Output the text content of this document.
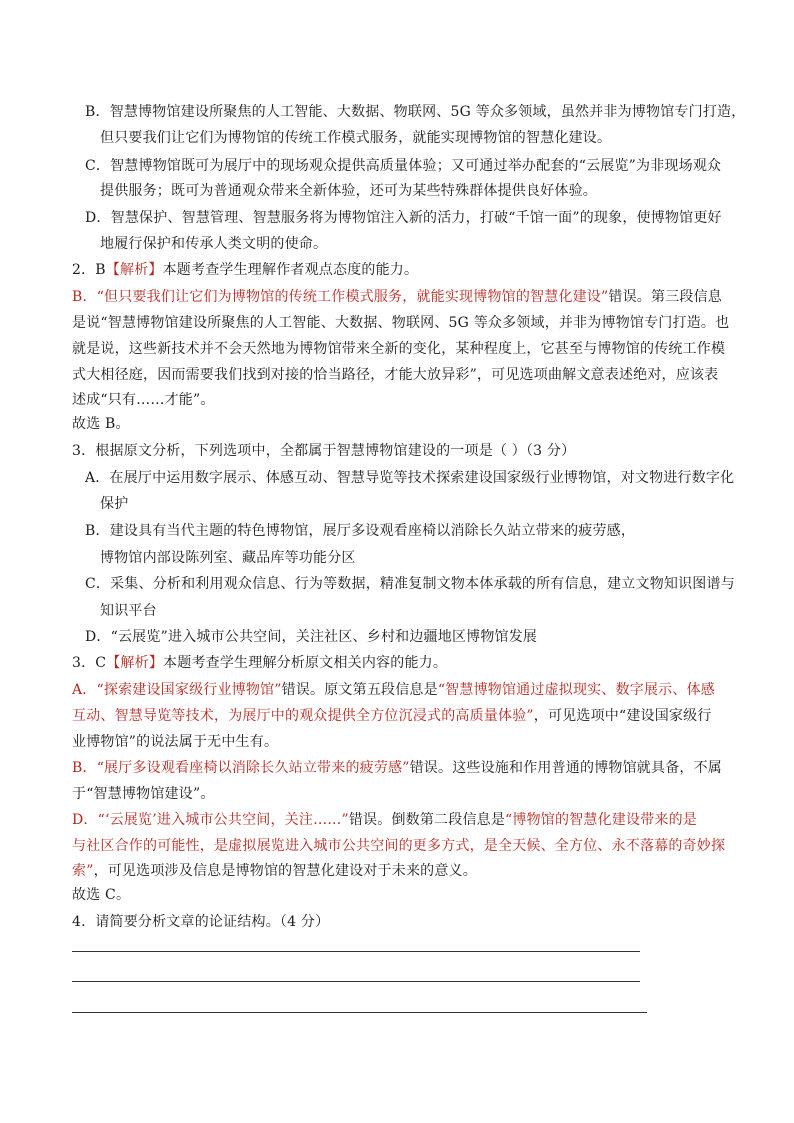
B．智慧博物馆建设所聚焦的人工智能、大数据、物联网、5G 等众多领域，虽然并非为博物馆专门打造，
但只要我们让它们为博物馆的传统工作模式服务，就能实现博物馆的智慧化建设。
C．智慧博物馆既可为展厅中的现场观众提供高质量体验；又可通过举办配套的“云展览”为非现场观众
提供服务；既可为普通观众带来全新体验，还可为某些特殊群体提供良好体验。
D．智慧保护、智慧管理、智慧服务将为博物馆注入新的活力，打破“千馆一面”的现象，使博物馆更好
地履行保护和传承人类文明的使命。
2．B【解析】本题考查学生理解作者观点态度的能力。
B．“但只要我们让它们为博物馆的传统工作模式服务，就能实现博物馆的智慧化建设”错误。第三段信息
是说“智慧博物馆建设所聚焦的人工智能、大数据、物联网、5G 等众多领域，并非为博物馆专门打造。也
就是说，这些新技术并不会天然地为博物馆带来全新的变化，某种程度上，它甚至与博物馆的传统工作模
式大相径庭，因而需要我们找到对接的恰当路径，才能大放异彩”，可见选项曲解文意表述绝对，应该表
述成“只有……才能”。
故选 B。
3．根据原文分析，下列选项中，全都属于智慧博物馆建设的一项是（ ）（3 分）
A．在展厅中运用数字展示、体感互动、智慧导览等技术探索建设国家级行业博物馆，对文物进行数字化
保护
B．建设具有当代主题的特色博物馆，展厅多设观看座椅以消除长久站立带来的疲劳感，
博物馆内部设陈列室、藏品库等功能分区
C．采集、分析和利用观众信息、行为等数据，精准复制文物本体承载的所有信息，建立文物知识图谱与
知识平台
D．“云展览”进入城市公共空间，关注社区、乡村和边疆地区博物馆发展
3．C【解析】本题考查学生理解分析原文相关内容的能力。
A．“探索建设国家级行业博物馆”错误。原文第五段信息是“智慧博物馆通过虚拟现实、数字展示、体感
互动、智慧导览等技术，为展厅中的观众提供全方位沉浸式的高质量体验”，可见选项中“建设国家级行
业博物馆”的说法属于无中生有。
B．“展厅多设观看座椅以消除长久站立带来的疲劳感”错误。这些设施和作用普通的博物馆就具备，不属
于“智慧博物馆建设”。
D．“‘云展览’进入城市公共空间，关注……”错误。倒数第二段信息是“博物馆的智慧化建设带来的是
与社区合作的可能性，是虚拟展览进入城市公共空间的更多方式，是全天候、全方位、永不落幕的奇妙探
索”，可见选项涉及信息是博物馆的智慧化建设对于未来的意义。
故选 C。
4．请简要分析文章的论证结构。（4 分）
